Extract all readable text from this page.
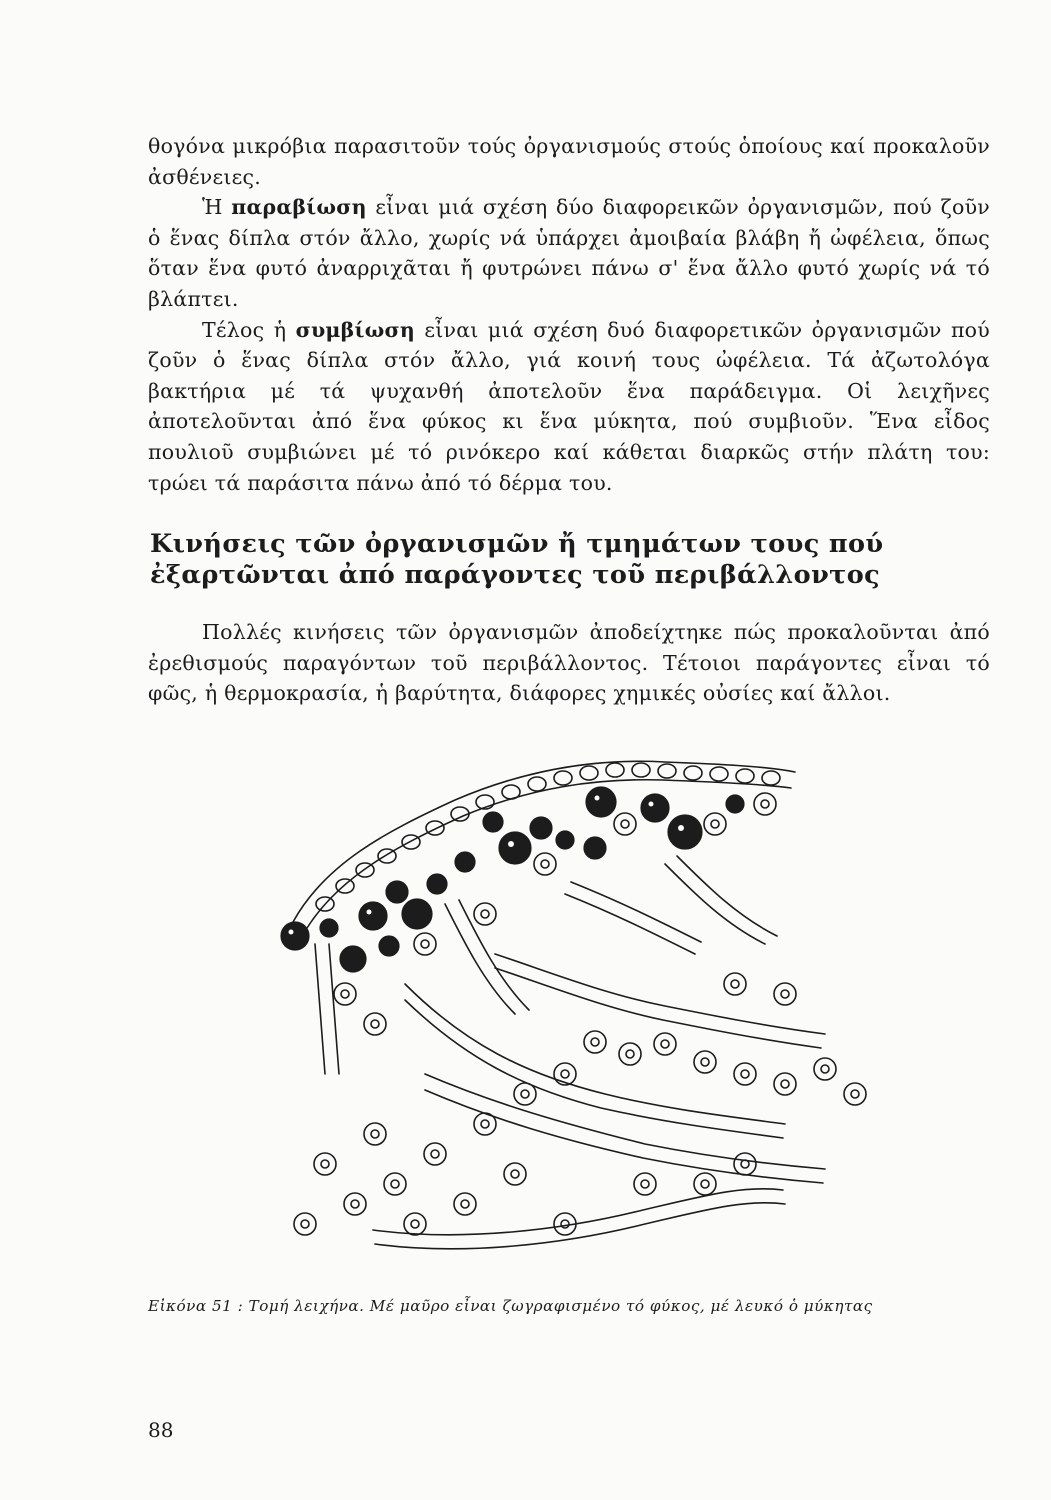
θογόνα μικρόβια παρασιτοῦν τούς ὀργανισμούς στούς ὁποίους καί προκαλοῦν ἀσθένειες.

Ἡ παραβίωση εἶναι μιά σχέση δύο διαφορεικῶν ὀργανισμῶν, πού ζοῦν ὁ ἕνας δίπλα στόν ἄλλο, χωρίς νά ὑπάρχει ἀμοιβαία βλάβη ἤ ὠφέλεια, ὅπως ὅταν ἕνα φυτό ἀναρριχᾶται ἤ φυτρώνει πάνω σ' ἕνα ἄλλο φυτό χωρίς νά τό βλάπτει.

Τέλος ἡ συμβίωση εἶναι μιά σχέση δυό διαφορετικῶν ὀργανισμῶν πού ζοῦν ὁ ἕνας δίπλα στόν ἄλλο, γιά κοινή τους ὠφέλεια. Τά ἀζωτολόγα βακτήρια μέ τά ψυχανθή ἀποτελοῦν ἕνα παράδειγμα. Οἱ λειχῆνες ἀποτελοῦνται ἀπό ἕνα φύκος κι ἕνα μύκητα, πού συμβιοῦν. Ἕνα εἶδος πουλιοῦ συμβιώνει μέ τό ρινόκερο καί κάθεται διαρκῶς στήν πλάτη του: τρώει τά παράσιτα πάνω ἀπό τό δέρμα του.

Κινήσεις τῶν ὀργανισμῶν ἤ τμημάτων τους πού ἐξαρτῶνται ἀπό παράγοντες τοῦ περιβάλλοντος

Πολλές κινήσεις τῶν ὀργανισμῶν ἀποδείχτηκε πώς προκαλοῦνται ἀπό ἐρεθισμούς παραγόντων τοῦ περιβάλλοντος. Τέτοιοι παράγοντες εἶναι τό φῶς, ἡ θερμοκρασία, ἡ βαρύτητα, διάφορες χημικές οὐσίες καί ἄλλοι.

Εἰκόνα 51 : Τομή λειχήνα. Μέ μαῦρο εἶναι ζωγραφισμένο τό φύκος, μέ λευκό ὁ μύκητας

88
